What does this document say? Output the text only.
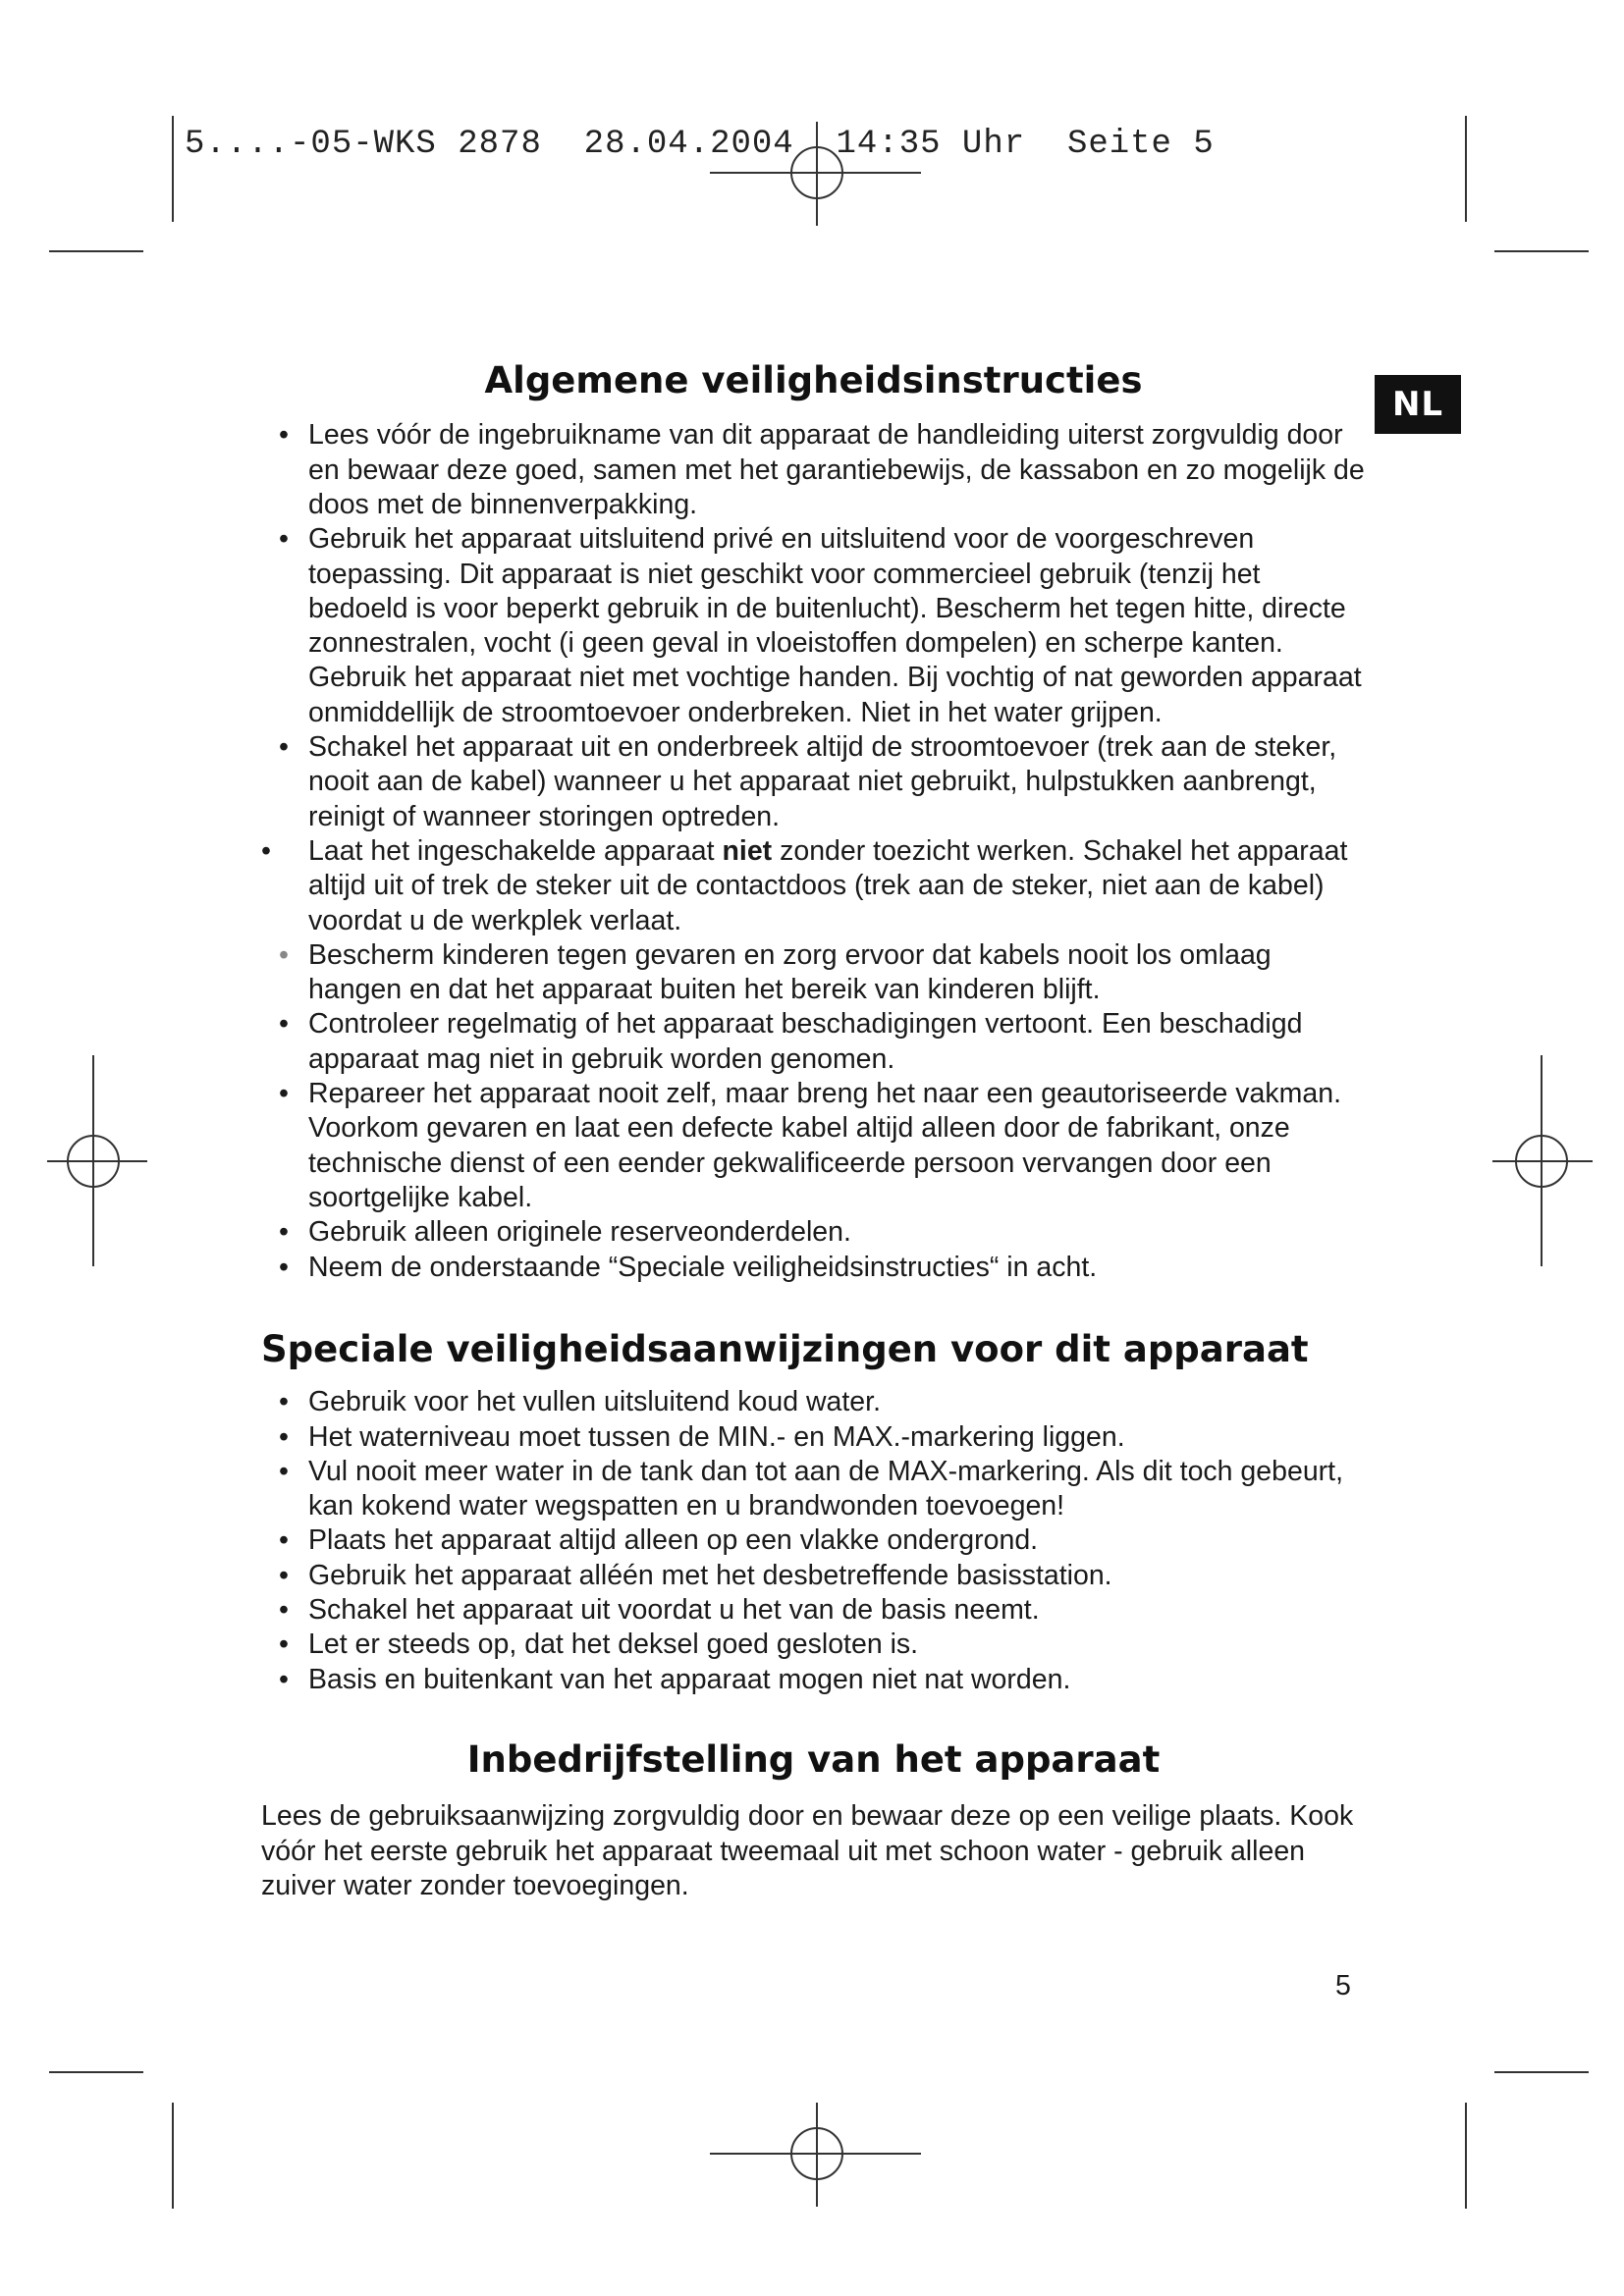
5....-05-WKS 2878  28.04.2004  14:35 Uhr  Seite 5
NL
Algemene veiligheidsinstructies
• Lees vóór de ingebruikname van dit apparaat de handleiding uiterst zorgvuldig door en bewaar deze goed, samen met het garantiebewijs, de kassabon en zo mogelijk de doos met de binnenverpakking.
• Gebruik het apparaat uitsluitend privé en uitsluitend voor de voorgeschreven toepassing. Dit apparaat is niet geschikt voor commercieel gebruik (tenzij het bedoeld is voor beperkt gebruik in de buitenlucht). Bescherm het tegen hitte, directe zonnestralen, vocht (i geen geval in vloeistoffen dompelen) en scherpe kanten. Gebruik het apparaat niet met vochtige handen. Bij vochtig of nat geworden apparaat onmiddellijk de stroomtoevoer onderbreken. Niet in het water grijpen.
• Schakel het apparaat uit en onderbreek altijd de stroomtoevoer (trek aan de steker, nooit aan de kabel) wanneer u het apparaat niet gebruikt, hulpstukken aanbrengt, reinigt of wanneer storingen optreden.
• Laat het ingeschakelde apparaat niet zonder toezicht werken. Schakel het apparaat altijd uit of trek de steker uit de contactdoos (trek aan de steker, niet aan de kabel) voordat u de werkplek verlaat.
• Bescherm kinderen tegen gevaren en zorg ervoor dat kabels nooit los omlaag hangen en dat het apparaat buiten het bereik van kinderen blijft.
• Controleer regelmatig of het apparaat beschadigingen vertoont. Een beschadigd apparaat mag niet in gebruik worden genomen.
• Repareer het apparaat nooit zelf, maar breng het naar een geautoriseerde vakman. Voorkom gevaren en laat een defecte kabel altijd alleen door de fabrikant, onze technische dienst of een eender gekwalificeerde persoon vervangen door een soortgelijke kabel.
• Gebruik alleen originele reserveonderdelen.
• Neem de onderstaande “Speciale veiligheidsinstructies“ in acht.
Speciale veiligheidsaanwijzingen voor dit apparaat
• Gebruik voor het vullen uitsluitend koud water.
• Het waterniveau moet tussen de MIN.- en MAX.-markering liggen.
• Vul nooit meer water in de tank dan tot aan de MAX-markering. Als dit toch gebeurt, kan kokend water wegspatten en u brandwonden toevoegen!
• Plaats het apparaat altijd alleen op een vlakke ondergrond.
• Gebruik het apparaat alléén met het desbetreffende basisstation.
• Schakel het apparaat uit voordat u het van de basis neemt.
• Let er steeds op, dat het deksel goed gesloten is.
• Basis en buitenkant van het apparaat mogen niet nat worden.
Inbedrijfstelling van het apparaat

Lees de gebruiksaanwijzing zorgvuldig door en bewaar deze op een veilige plaats. Kook vóór het eerste gebruik het apparaat tweemaal uit met schoon water - gebruik alleen zuiver water zonder toevoegingen.

5
